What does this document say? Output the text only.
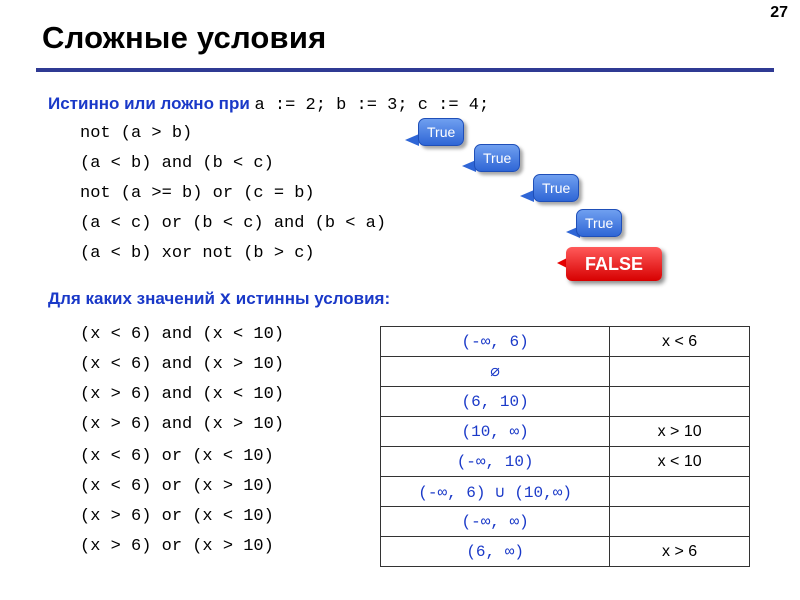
27
Сложные условия
Истинно или ложно при a := 2; b := 3; c := 4;
not (a > b)
(a < b) and (b < c)
not (a >= b) or (c = b)
(a < c) or (b < c) and (b < a)
(a < b) xor not (b > c)
True
True
True
True
FALSE
Для каких значений x истинны условия:
(x < 6) and (x < 10)
(x < 6) and (x > 10)
(x > 6) and (x < 10)
(x > 6) and (x > 10)
(x < 6) or (x < 10)
(x < 6) or (x > 10)
(x > 6) or (x < 10)
(x > 6) or (x > 10)
(-∞, 6)	x < 6
∅	
(6, 10)	
(10, ∞)	x > 10
(-∞, 10)	x < 10
(-∞, 6) ∪ (10,∞)	
(-∞, ∞)	
(6, ∞)	x > 6
